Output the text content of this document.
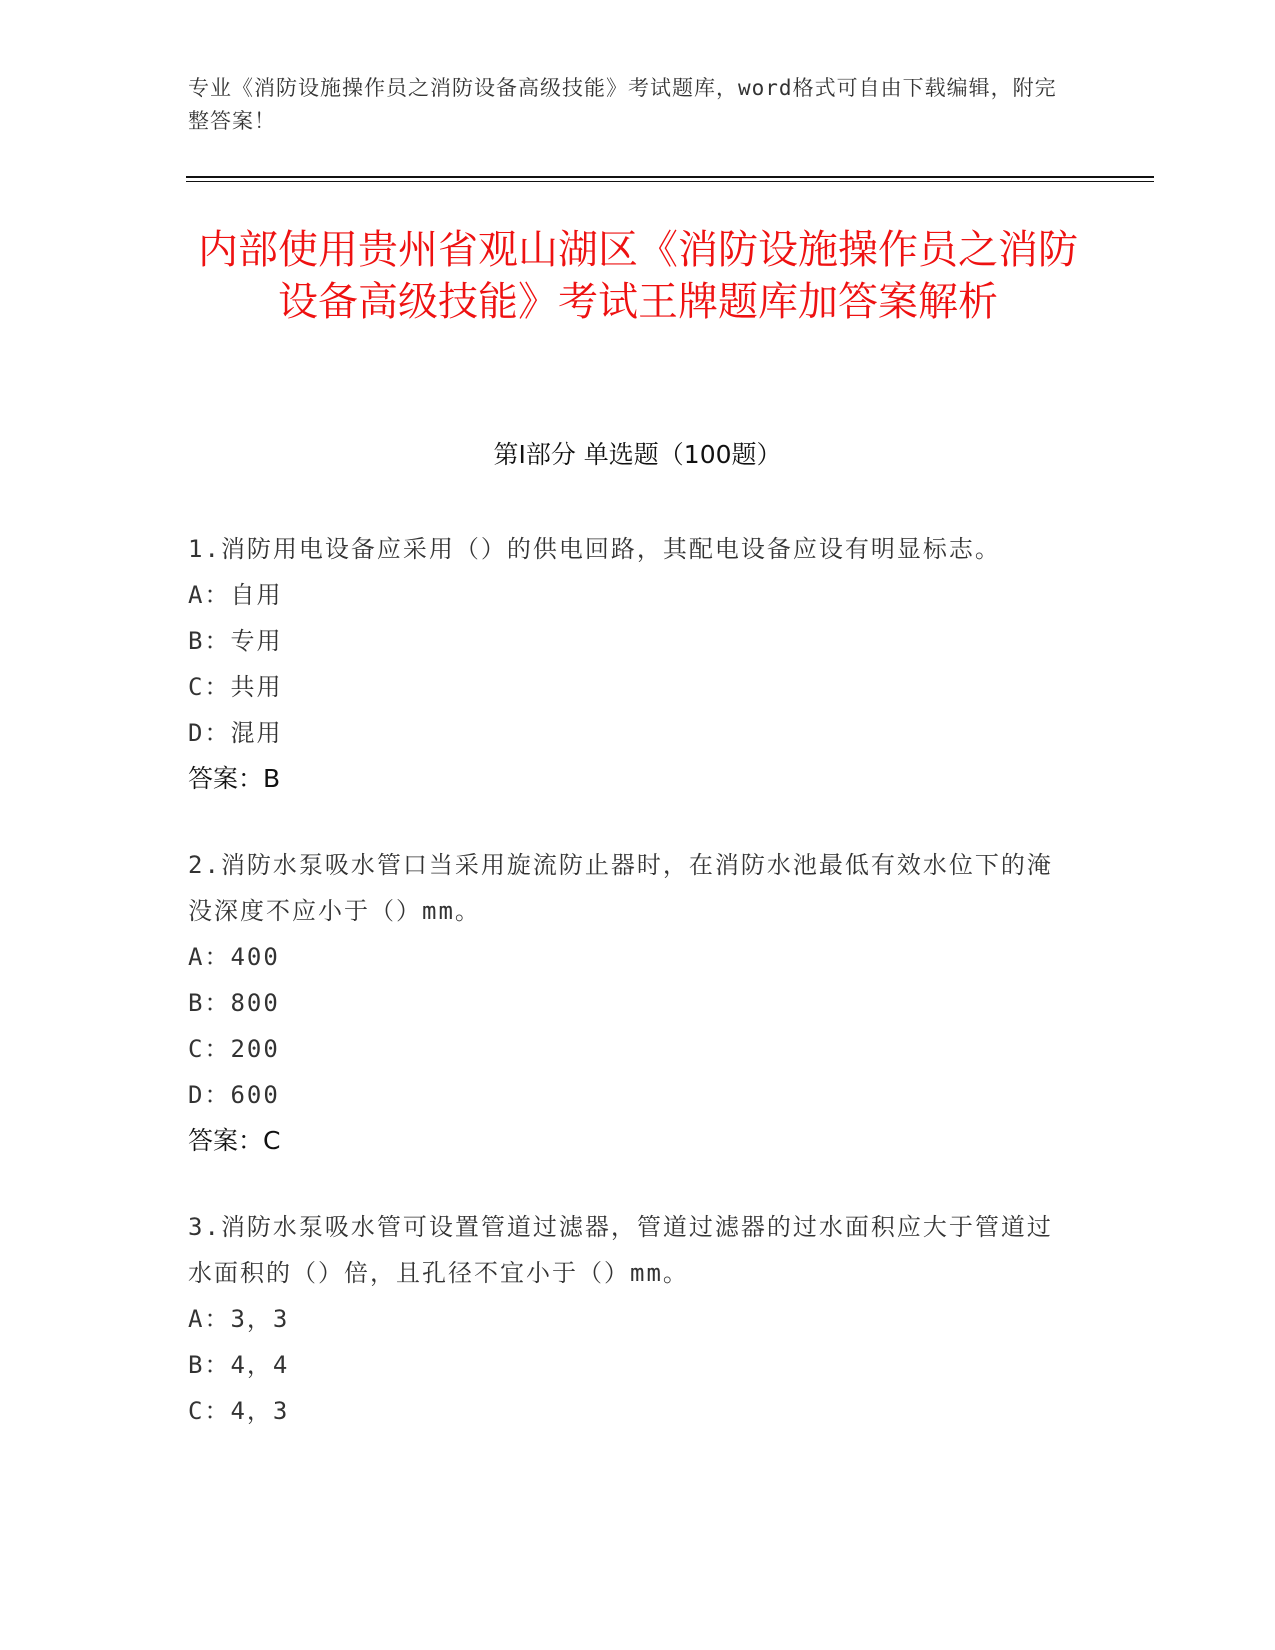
专业《消防设施操作员之消防设备高级技能》考试题库，word格式可自由下载编辑，附完整答案！
内部使用贵州省观山湖区《消防设施操作员之消防设备高级技能》考试王牌题库加答案解析
第Ⅰ部分 单选题（100题）
1.消防用电设备应采用（）的供电回路，其配电设备应设有明显标志。
A：自用
B：专用
C：共用
D：混用
答案：B
2.消防水泵吸水管口当采用旋流防止器时，在消防水池最低有效水位下的淹没深度不应小于（）mm。
A：400
B：800
C：200
D：600
答案：C
3.消防水泵吸水管可设置管道过滤器，管道过滤器的过水面积应大于管道过水面积的（）倍，且孔径不宜小于（）mm。
A：3，3
B：4，4
C：4，3
